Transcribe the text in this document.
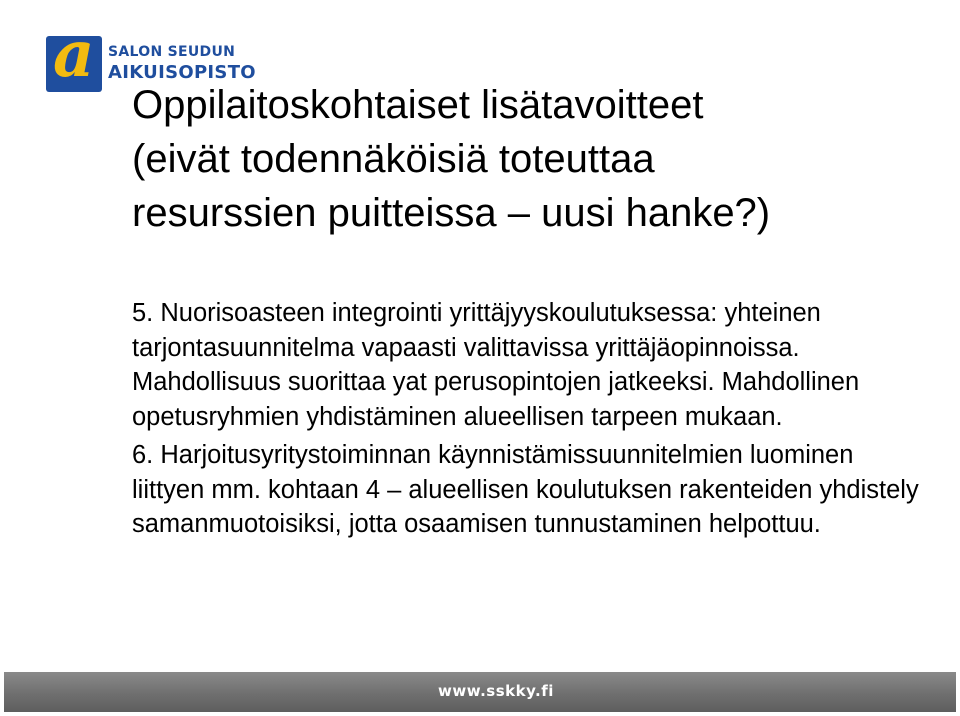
a SALON SEUDUN
AIKUISOPISTO
Oppilaitoskohtaiset lisätavoitteet
(eivät todennäköisiä toteuttaa
resurssien puitteissa – uusi hanke?)

5. Nuorisoasteen integrointi yrittäjyyskoulutuksessa: yhteinen tarjontasuunnitelma vapaasti valittavissa yrittäjäopinnoissa. Mahdollisuus suorittaa yat perusopintojen jatkeeksi. Mahdollinen opetusryhmien yhdistäminen alueellisen tarpeen mukaan.

6. Harjoitusyritystoiminnan käynnistämissuunnitelmien luominen liittyen mm. kohtaan 4 – alueellisen koulutuksen rakenteiden yhdistely samanmuotoisiksi, jotta osaamisen tunnustaminen helpottuu.

www.sskky.fi
